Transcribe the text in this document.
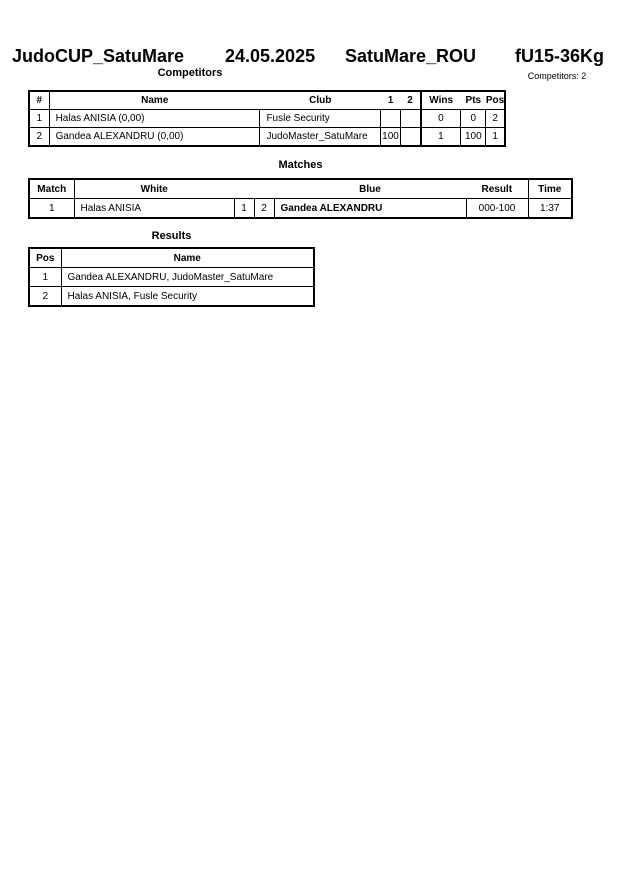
JudoCUP_SatuMare 24.05.2025 SatuMare_ROU fU15-36Kg
Competitors	Competitors: 2
#	Name	Club	1	2	Wins	Pts	Pos
1	Halas ANISIA (0,00)	Fusle Security			0	0	2
2	Gandea ALEXANDRU (0,00)	JudoMaster_SatuMare	100		1	100	1
Matches
Match	White			Blue	Result	Time
1	Halas ANISIA	1	2	Gandea ALEXANDRU	000-100	1:37
Results
Pos	Name
1	Gandea ALEXANDRU, JudoMaster_SatuMare
2	Halas ANISIA, Fusle Security
